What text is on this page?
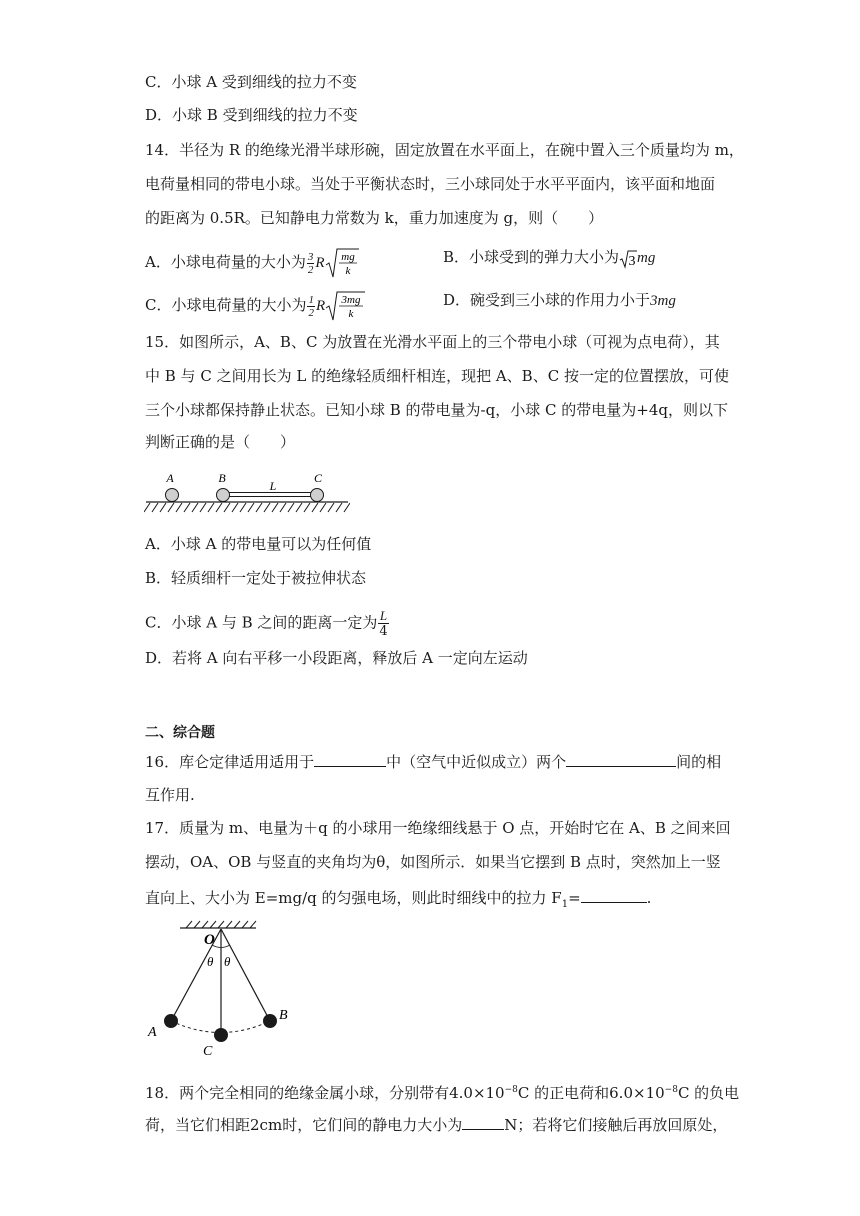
C．小球 A 受到细线的拉力不变
D．小球 B 受到细线的拉力不变
14．半径为 R 的绝缘光滑半球形碗，固定放置在水平面上，在碗中置入三个质量均为 m，
电荷量相同的带电小球。当处于平衡状态时，三小球同处于水平平面内，该平面和地面
的距离为 0.5R。已知静电力常数为 k，重力加速度为 g，则（　　）
A．小球电荷量的大小为 $\frac{3}{2}$ R mg
k
B．小球受到的弹力大小为 3 mg
C．小球电荷量的大小为 $\frac{1}{2}$ R 3mg
k
D．碗受到三小球的作用力小于3mg
15．如图所示，A、B、C 为放置在光滑水平面上的三个带电小球（可视为点电荷），其
中 B 与 C 之间用长为 L 的绝缘轻质细杆相连，现把 A、B、C 按一定的位置摆放，可使
三个小球都保持静止状态。已知小球 B 的带电量为-q，小球 C 的带电量为+4q，则以下
判断正确的是（　　）
A	B
L
C
A．小球 A 的带电量可以为任何值
B．轻质细杆一定处于被拉伸状态
C．小球 A 与 B 之间的距离一定为 $\frac{L}{4}$
D．若将 A 向右平移一小段距离，释放后 A 一定向左运动
二、综合题
16．库仑定律适用适用于	中（空气中近似成立）两个	间的相
互作用.
17．质量为 m、电量为＋q 的小球用一绝缘细线悬于 O 点，开始时它在 A、B 之间来回
摆动，OA、OB 与竖直的夹角均为θ，如图所示．如果当它摆到 B 点时，突然加上一竖
直向上、大小为 E=mg/q 的匀强电场，则此时细线中的拉力 $F_1=$	.
O
θ θ
A
B
C
18．两个完全相同的绝缘金属小球，分别带有$4.0\times 10^{-8}C$ 的正电荷和$6.0\times 10^{-8}C$ 的负电
荷，当它们相距2cm时，它们间的静电力大小为	N；若将它们接触后再放回原处，
